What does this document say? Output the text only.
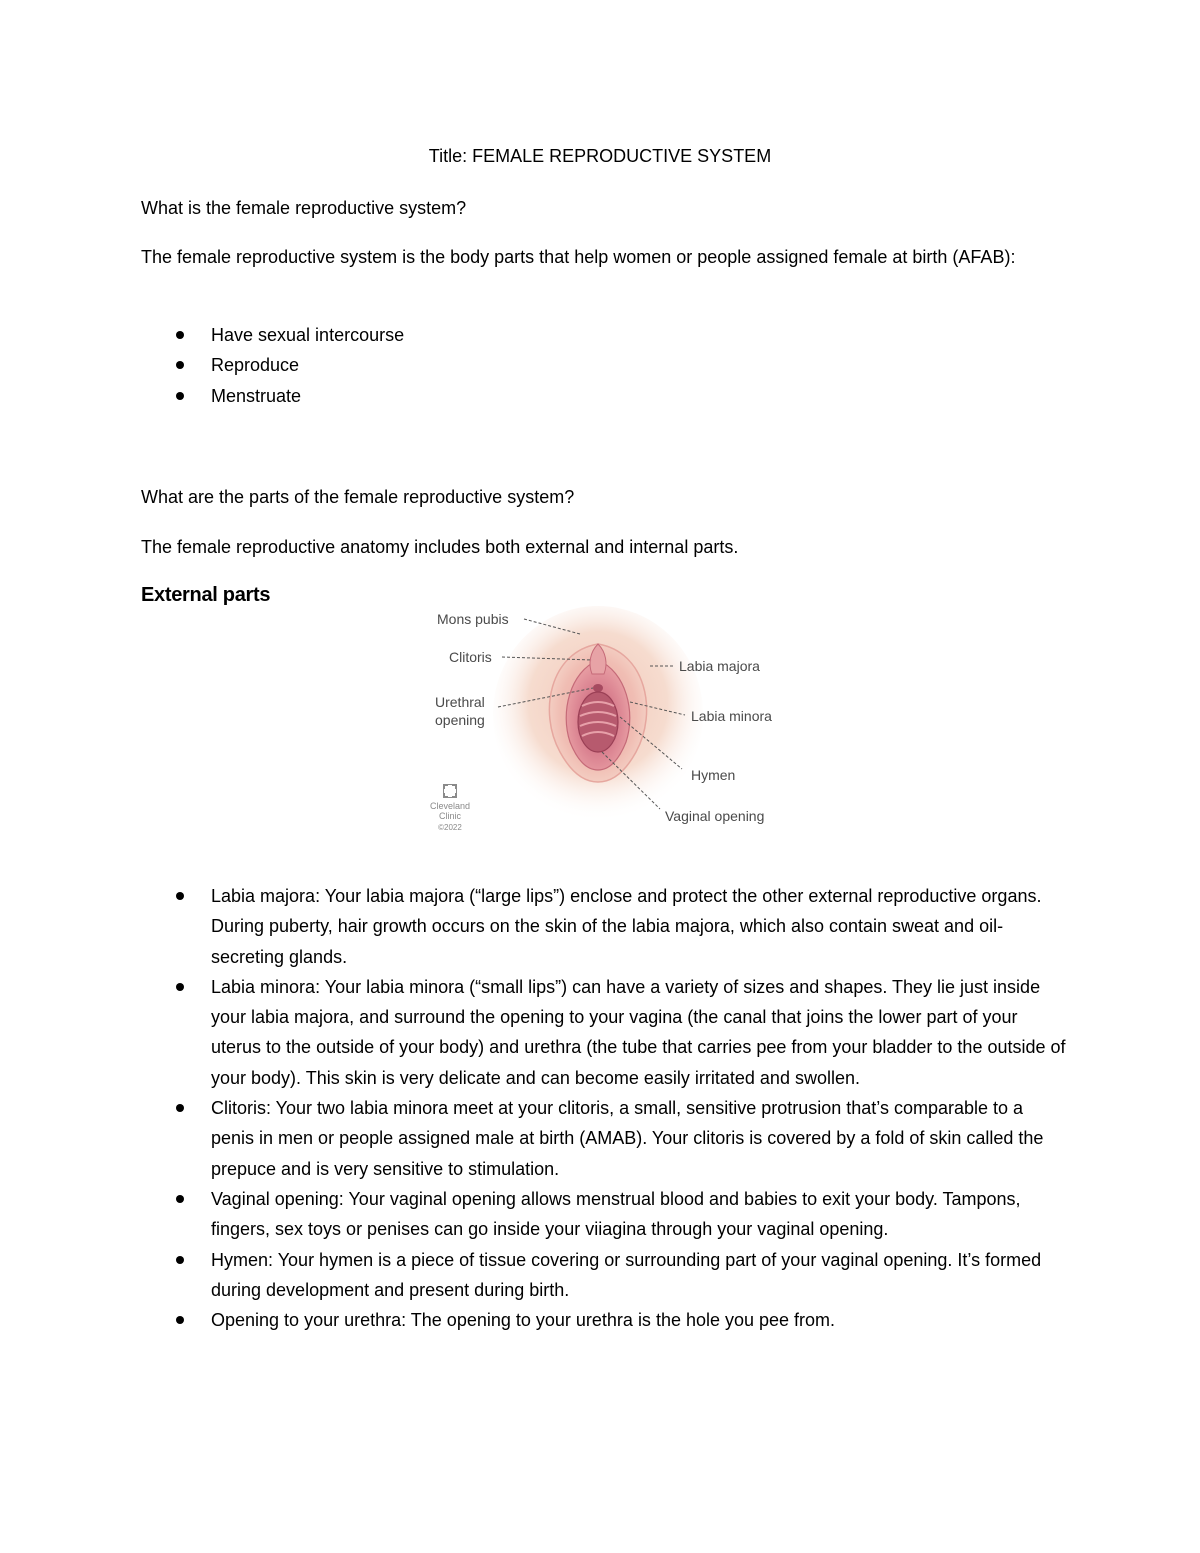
Title: FEMALE REPRODUCTIVE SYSTEM
What is the female reproductive system?
The female reproductive system is the body parts that help women or people assigned female at birth (AFAB):
Have sexual intercourse
Reproduce
Menstruate
What are the parts of the female reproductive system?
The female reproductive anatomy includes both external and internal parts.
External parts
Mons pubis
Clitoris
Urethral
opening
Labia majora
Labia minora
Hymen
Vaginal opening
Cleveland
Clinic
©2022
Labia majora: Your labia majora (“large lips”) enclose and protect the other external reproductive organs. During puberty, hair growth occurs on the skin of the labia majora, which also contain sweat and oil-secreting glands.
Labia minora: Your labia minora (“small lips”) can have a variety of sizes and shapes. They lie just inside your labia majora, and surround the opening to your vagina (the canal that joins the lower part of your uterus to the outside of your body) and urethra (the tube that carries pee from your bladder to the outside of your body). This skin is very delicate and can become easily irritated and swollen.
Clitoris: Your two labia minora meet at your clitoris, a small, sensitive protrusion that’s comparable to a penis in men or people assigned male at birth (AMAB). Your clitoris is covered by a fold of skin called the prepuce and is very sensitive to stimulation.
Vaginal opening: Your vaginal opening allows menstrual blood and babies to exit your body. Tampons, fingers, sex toys or penises can go inside your viiagina through your vaginal opening.
Hymen: Your hymen is a piece of tissue covering or surrounding part of your vaginal opening. It’s formed during development and present during birth.
Opening to your urethra: The opening to your urethra is the hole you pee from.
